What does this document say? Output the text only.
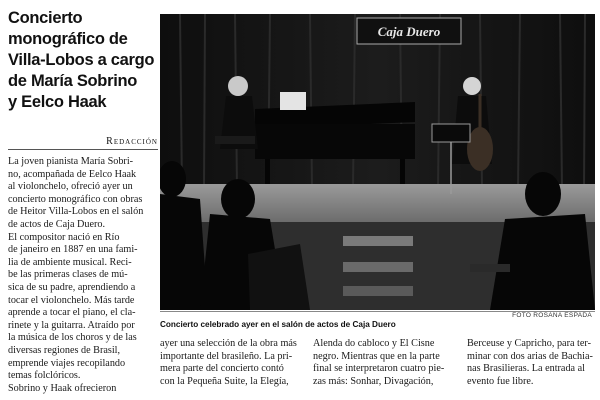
Concierto
monográfico de
Villa-Lobos a cargo
de María Sobrino
y Eelco Haak
Redacción
La joven pianista María Sobri-
no, acompañada de Eelco Haak
al violonchelo, ofreció ayer un
concierto monográfico con obras
de Heitor Villa-Lobos en el salón
de actos de Caja Duero.
El compositor nació en Río
de janeiro en 1887 en una fami-
lia de ambiente musical. Reci-
be las primeras clases de mú-
sica de su padre, aprendiendo a
tocar el violonchelo. Más tarde
aprende a tocar el piano, el cla-
rinete y la guitarra. Atraído por
la música de los choros y de las
diversas regiones de Brasil,
emprende viajes recopilando
temas folclóricos.
Sobrino y Haak ofrecieron
Caja Duero
FOTO ROSANA ESPADA
Concierto celebrado ayer en el salón de actos de Caja Duero
ayer una selección de la obra más
importante del brasileño. La pri-
mera parte del concierto contó
con la Pequeña Suite, la Elegía,
Alenda do cabloco y El Cisne
negro. Mientras que en la parte
final se interpretaron cuatro pie-
zas más: Sonhar, Divagación,
Berceuse y Capricho, para ter-
minar con dos arias de Bachia-
nas Brasilieras. La entrada al
evento fue libre.
